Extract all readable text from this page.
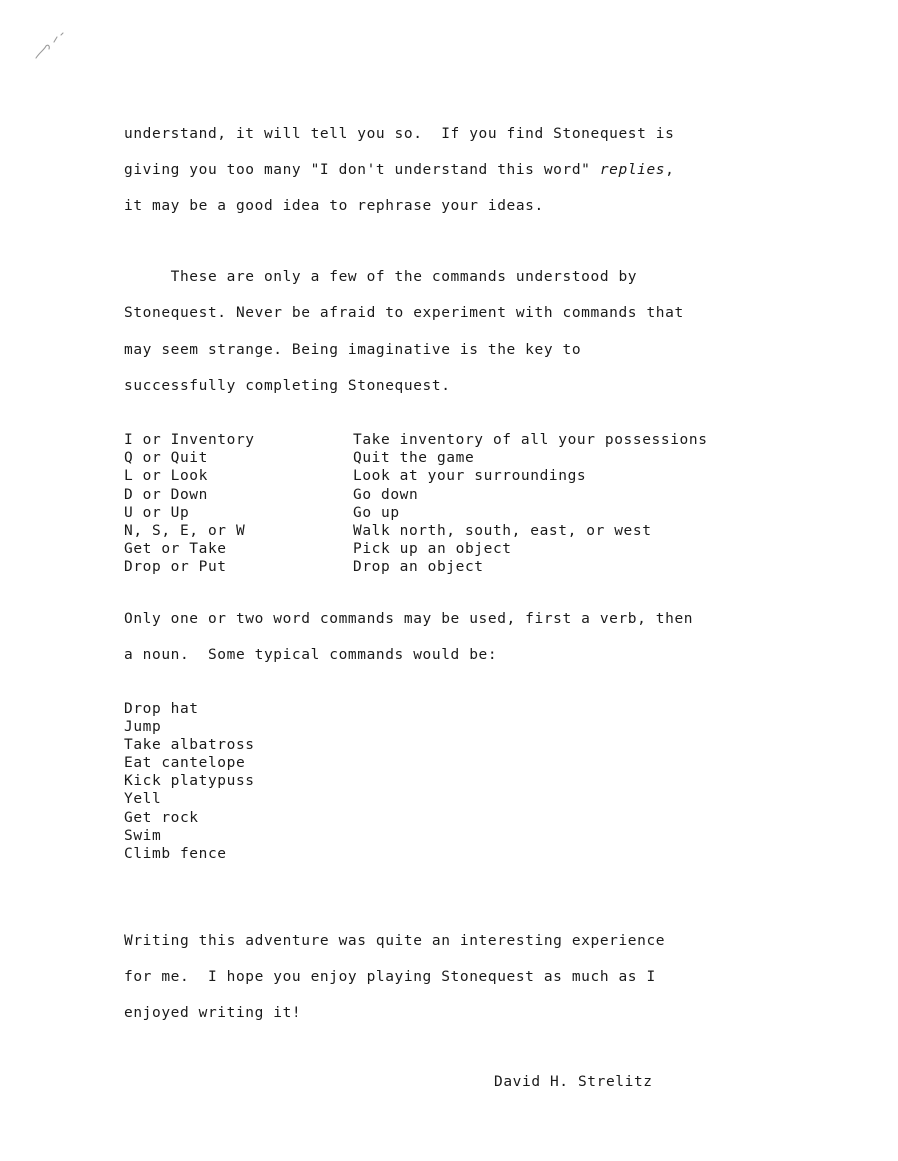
understand, it will tell you so.  If you find Stonequest is
giving you too many "I don't understand this word" replies,
it may be a good idea to rephrase your ideas.
These are only a few of the commands understood by
Stonequest. Never be afraid to experiment with commands that
may seem strange. Being imaginative is the key to
successfully completing Stonequest.
I or Inventory	Take inventory of all your possessions
Q or Quit	Quit the game
L or Look	Look at your surroundings
D or Down	Go down
U or Up	Go up
N, S, E, or W	Walk north, south, east, or west
Get or Take	Pick up an object
Drop or Put	Drop an object
Only one or two word commands may be used, first a verb, then
a noun.  Some typical commands would be:
Drop hat
Jump
Take albatross
Eat cantelope
Kick platypuss
Yell
Get rock
Swim
Climb fence
Writing this adventure was quite an interesting experience
for me.  I hope you enjoy playing Stonequest as much as I
enjoyed writing it!
David H. Strelitz
